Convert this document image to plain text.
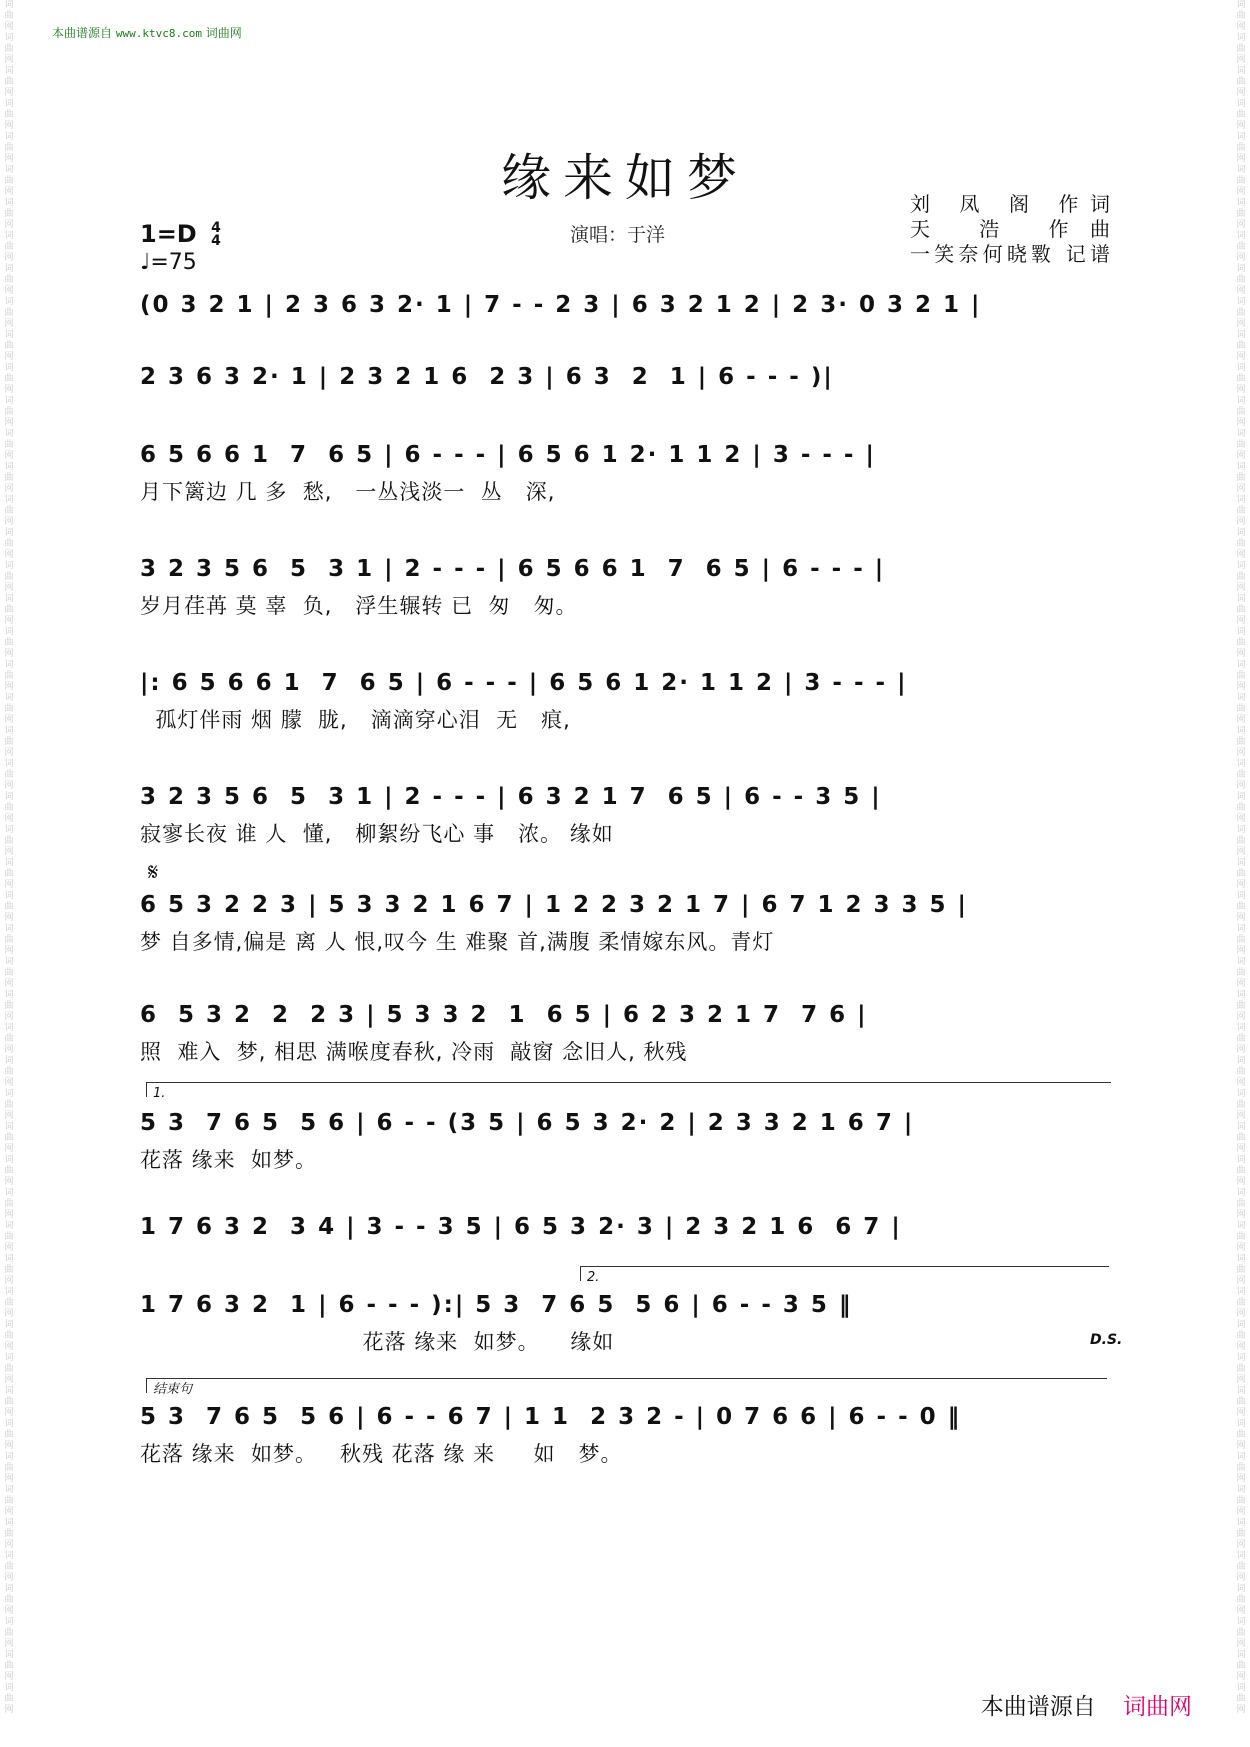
词曲网词曲网词曲网词曲网词曲网词曲网词曲网词曲网词曲网词曲网词曲网词曲网词曲网词曲网词曲网词曲网词曲网词曲网词曲网词曲网词曲网词曲网词曲网词曲网词曲网词曲网词曲网词曲网词曲网词曲网词曲网词曲网词曲网词曲网词曲网词曲网词曲网词曲网词曲网词曲网词曲网词曲网词曲网词曲网词曲网词曲网词曲网词曲网词曲网词曲网词曲网词曲网
词曲网词曲网词曲网词曲网词曲网词曲网词曲网词曲网词曲网词曲网词曲网词曲网词曲网词曲网词曲网词曲网词曲网词曲网词曲网词曲网词曲网词曲网词曲网词曲网词曲网词曲网词曲网词曲网词曲网词曲网词曲网词曲网词曲网词曲网词曲网词曲网词曲网词曲网词曲网词曲网词曲网词曲网词曲网词曲网词曲网词曲网词曲网词曲网词曲网词曲网词曲网词曲网
本曲谱源自 www.ktvc8.com 词曲网
缘来如梦
1=D 4
4
♩=75
演唱：于洋
刘 凤 阁 作词
天 浩 作曲
一笑奈何晓斁 记谱
(0 3 2 1 | 2 3 6 3 2· 1 | 7 - - 2 3 | 6 3 2 1 2 | 2 3· 0 3 2 1 |
2 3 6 3 2· 1 | 2 3 2 1 6  2 3 | 6 3  2  1 | 6 - - - )|
6 5 6 6 1  7  6 5 | 6 - - - | 6 5 6 1 2· 1 1 2 | 3 - - - |
月下篱边 几 多  愁,   一丛浅淡一  丛   深,
3 2 3 5 6  5  3 1 | 2 - - - | 6 5 6 6 1  7  6 5 | 6 - - - |
岁月荏苒 莫 辜  负,   浮生辗转 已  匆   匆。
|: 6 5 6 6 1  7  6 5 | 6 - - - | 6 5 6 1 2· 1 1 2 | 3 - - - |
孤灯伴雨 烟 朦  胧,   滴滴穿心泪  无   痕,
3 2 3 5 6  5  3 1 | 2 - - - | 6 3 2 1 7  6 5 | 6 - - 3 5 |
寂寥长夜 谁 人  懂,   柳絮纷飞心 事   浓。 缘如
𝄋
6 5 3 2 2 3 | 5 3 3 2 1 6 7 | 1 2 2 3 2 1 7 | 6 7 1 2 3 3 5 |
梦 自多情,偏是 离 人 恨,叹今 生 难聚 首,满腹 柔情嫁东风。青灯
6  5 3 2  2  2 3 | 5 3 3 2  1  6 5 | 6 2 3 2 1 7  7 6 |
照  难入  梦, 相思 满喉度春秋, 冷雨  敲窗 念旧人, 秋残
1.
5 3  7 6 5  5 6 | 6 - - (3 5 | 6 5 3 2· 2 | 2 3 3 2 1 6 7 |
花落 缘来  如梦。
1 7 6 3 2  3 4 | 3 - - 3 5 | 6 5 3 2· 3 | 2 3 2 1 6  6 7 |
2.
1 7 6 3 2  1 | 6 - - - ):| 5 3  7 6 5  5 6 | 6 - - 3 5 ‖
花落 缘来  如梦。    缘如	D.S.
结束句
5 3  7 6 5  5 6 | 6 - - 6 7 | 1 1  2 3 2 - | 0 7 6 6 | 6 - - 0 ‖
花落 缘来  如梦。   秋残 花落 缘 来     如   梦。
本曲谱源自 词曲网
